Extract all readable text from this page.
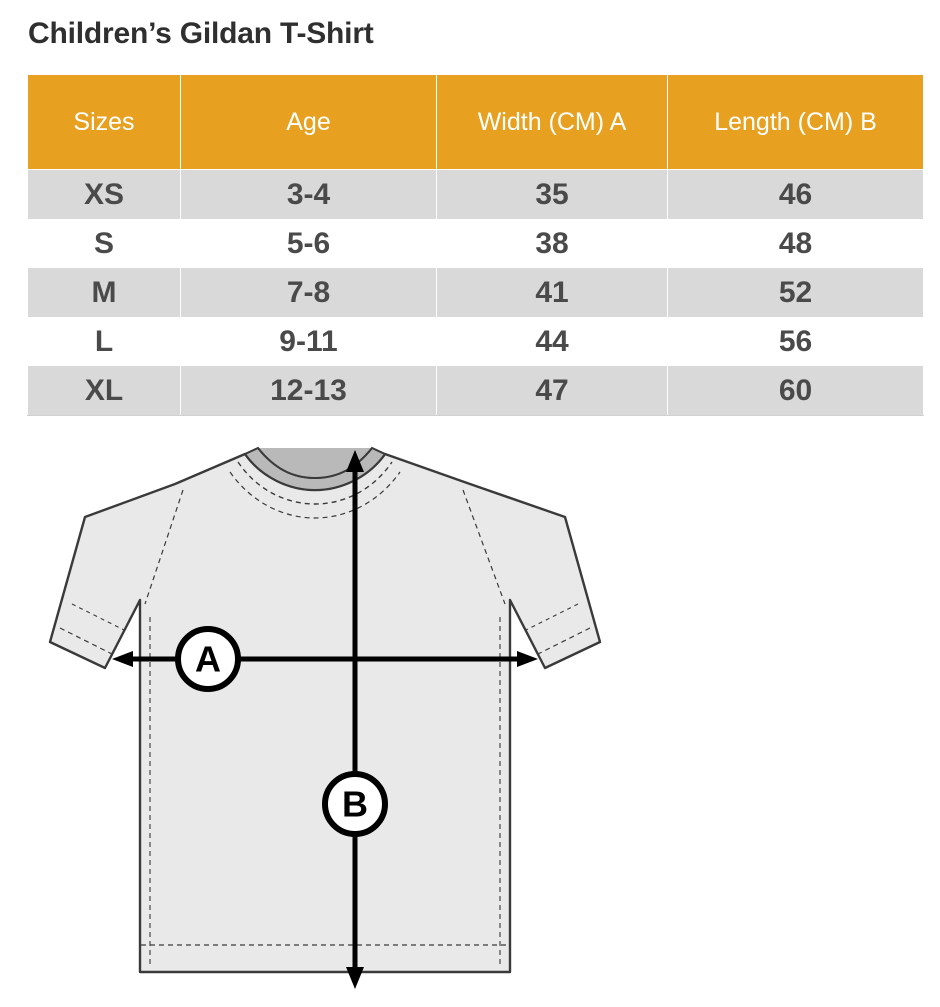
Children’s Gildan T-Shirt
Sizes	Age	Width (CM) A	Length (CM) B
XS	3-4	35	46
S	5-6	38	48
M	7-8	41	52
L	9-11	44	56
XL	12-13	47	60
A
B
